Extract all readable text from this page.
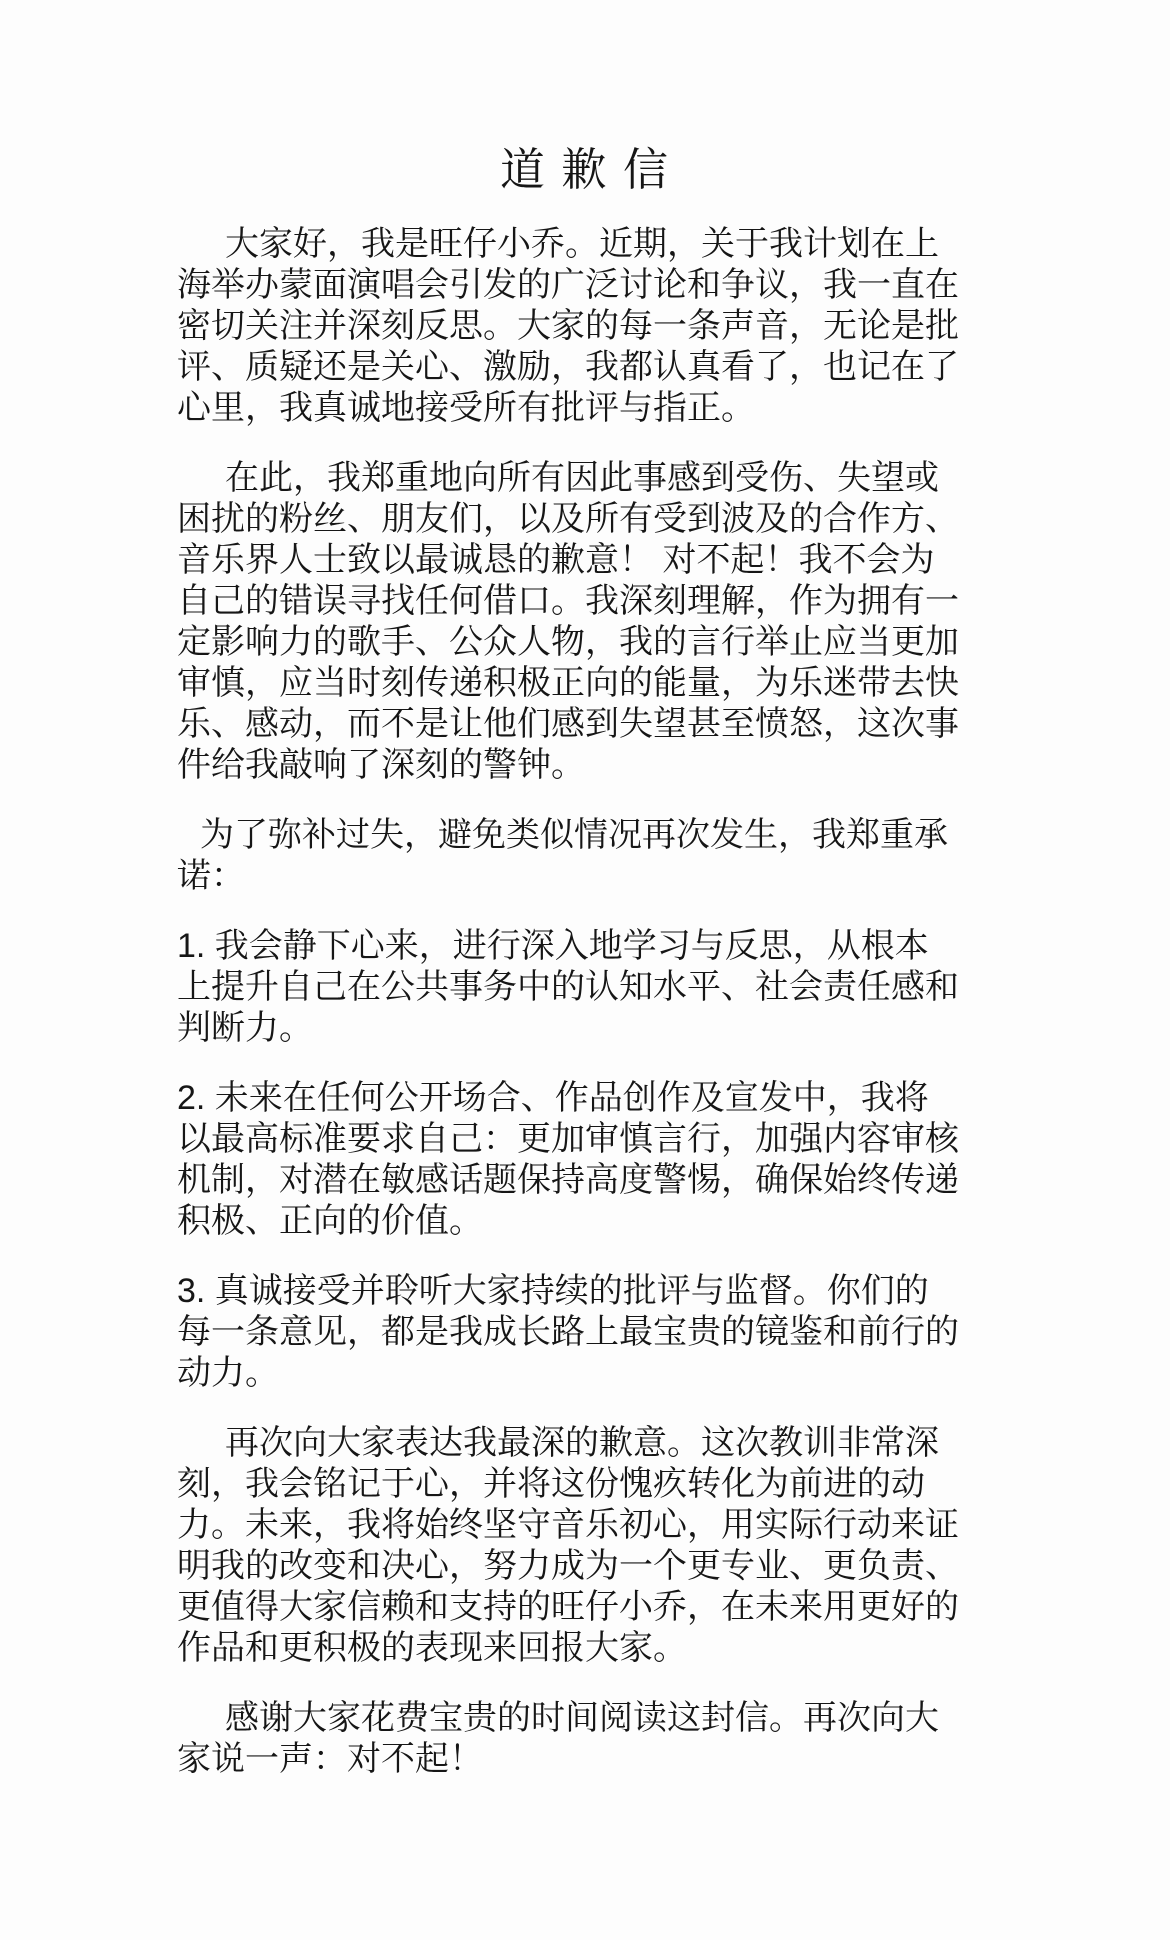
道 歉 信
大家好，我是旺仔小乔。近期，关于我计划在上
海举办蒙面演唱会引发的广泛讨论和争议，我一直在
密切关注并深刻反思。大家的每一条声音，无论是批
评、质疑还是关心、激励，我都认真看了，也记在了
心里，我真诚地接受所有批评与指正。
在此，我郑重地向所有因此事感到受伤、失望或
困扰的粉丝、朋友们，以及所有受到波及的合作方、
音乐界人士致以最诚恳的歉意！ 对不起！我不会为
自己的错误寻找任何借口。我深刻理解，作为拥有一
定影响力的歌手、公众人物，我的言行举止应当更加
审慎，应当时刻传递积极正向的能量，为乐迷带去快
乐、感动，而不是让他们感到失望甚至愤怒，这次事
件给我敲响了深刻的警钟。
为了弥补过失，避免类似情况再次发生，我郑重承
诺：
1. 我会静下心来，进行深入地学习与反思，从根本
上提升自己在公共事务中的认知水平、社会责任感和
判断力。
2. 未来在任何公开场合、作品创作及宣发中，我将
以最高标准要求自己：更加审慎言行，加强内容审核
机制，对潜在敏感话题保持高度警惕，确保始终传递
积极、正向的价值。
3. 真诚接受并聆听大家持续的批评与监督。你们的
每一条意见，都是我成长路上最宝贵的镜鉴和前行的
动力。
再次向大家表达我最深的歉意。这次教训非常深
刻，我会铭记于心，并将这份愧疚转化为前进的动
力。未来，我将始终坚守音乐初心，用实际行动来证
明我的改变和决心，努力成为一个更专业、更负责、
更值得大家信赖和支持的旺仔小乔，在未来用更好的
作品和更积极的表现来回报大家。
感谢大家花费宝贵的时间阅读这封信。再次向大
家说一声：对不起！
